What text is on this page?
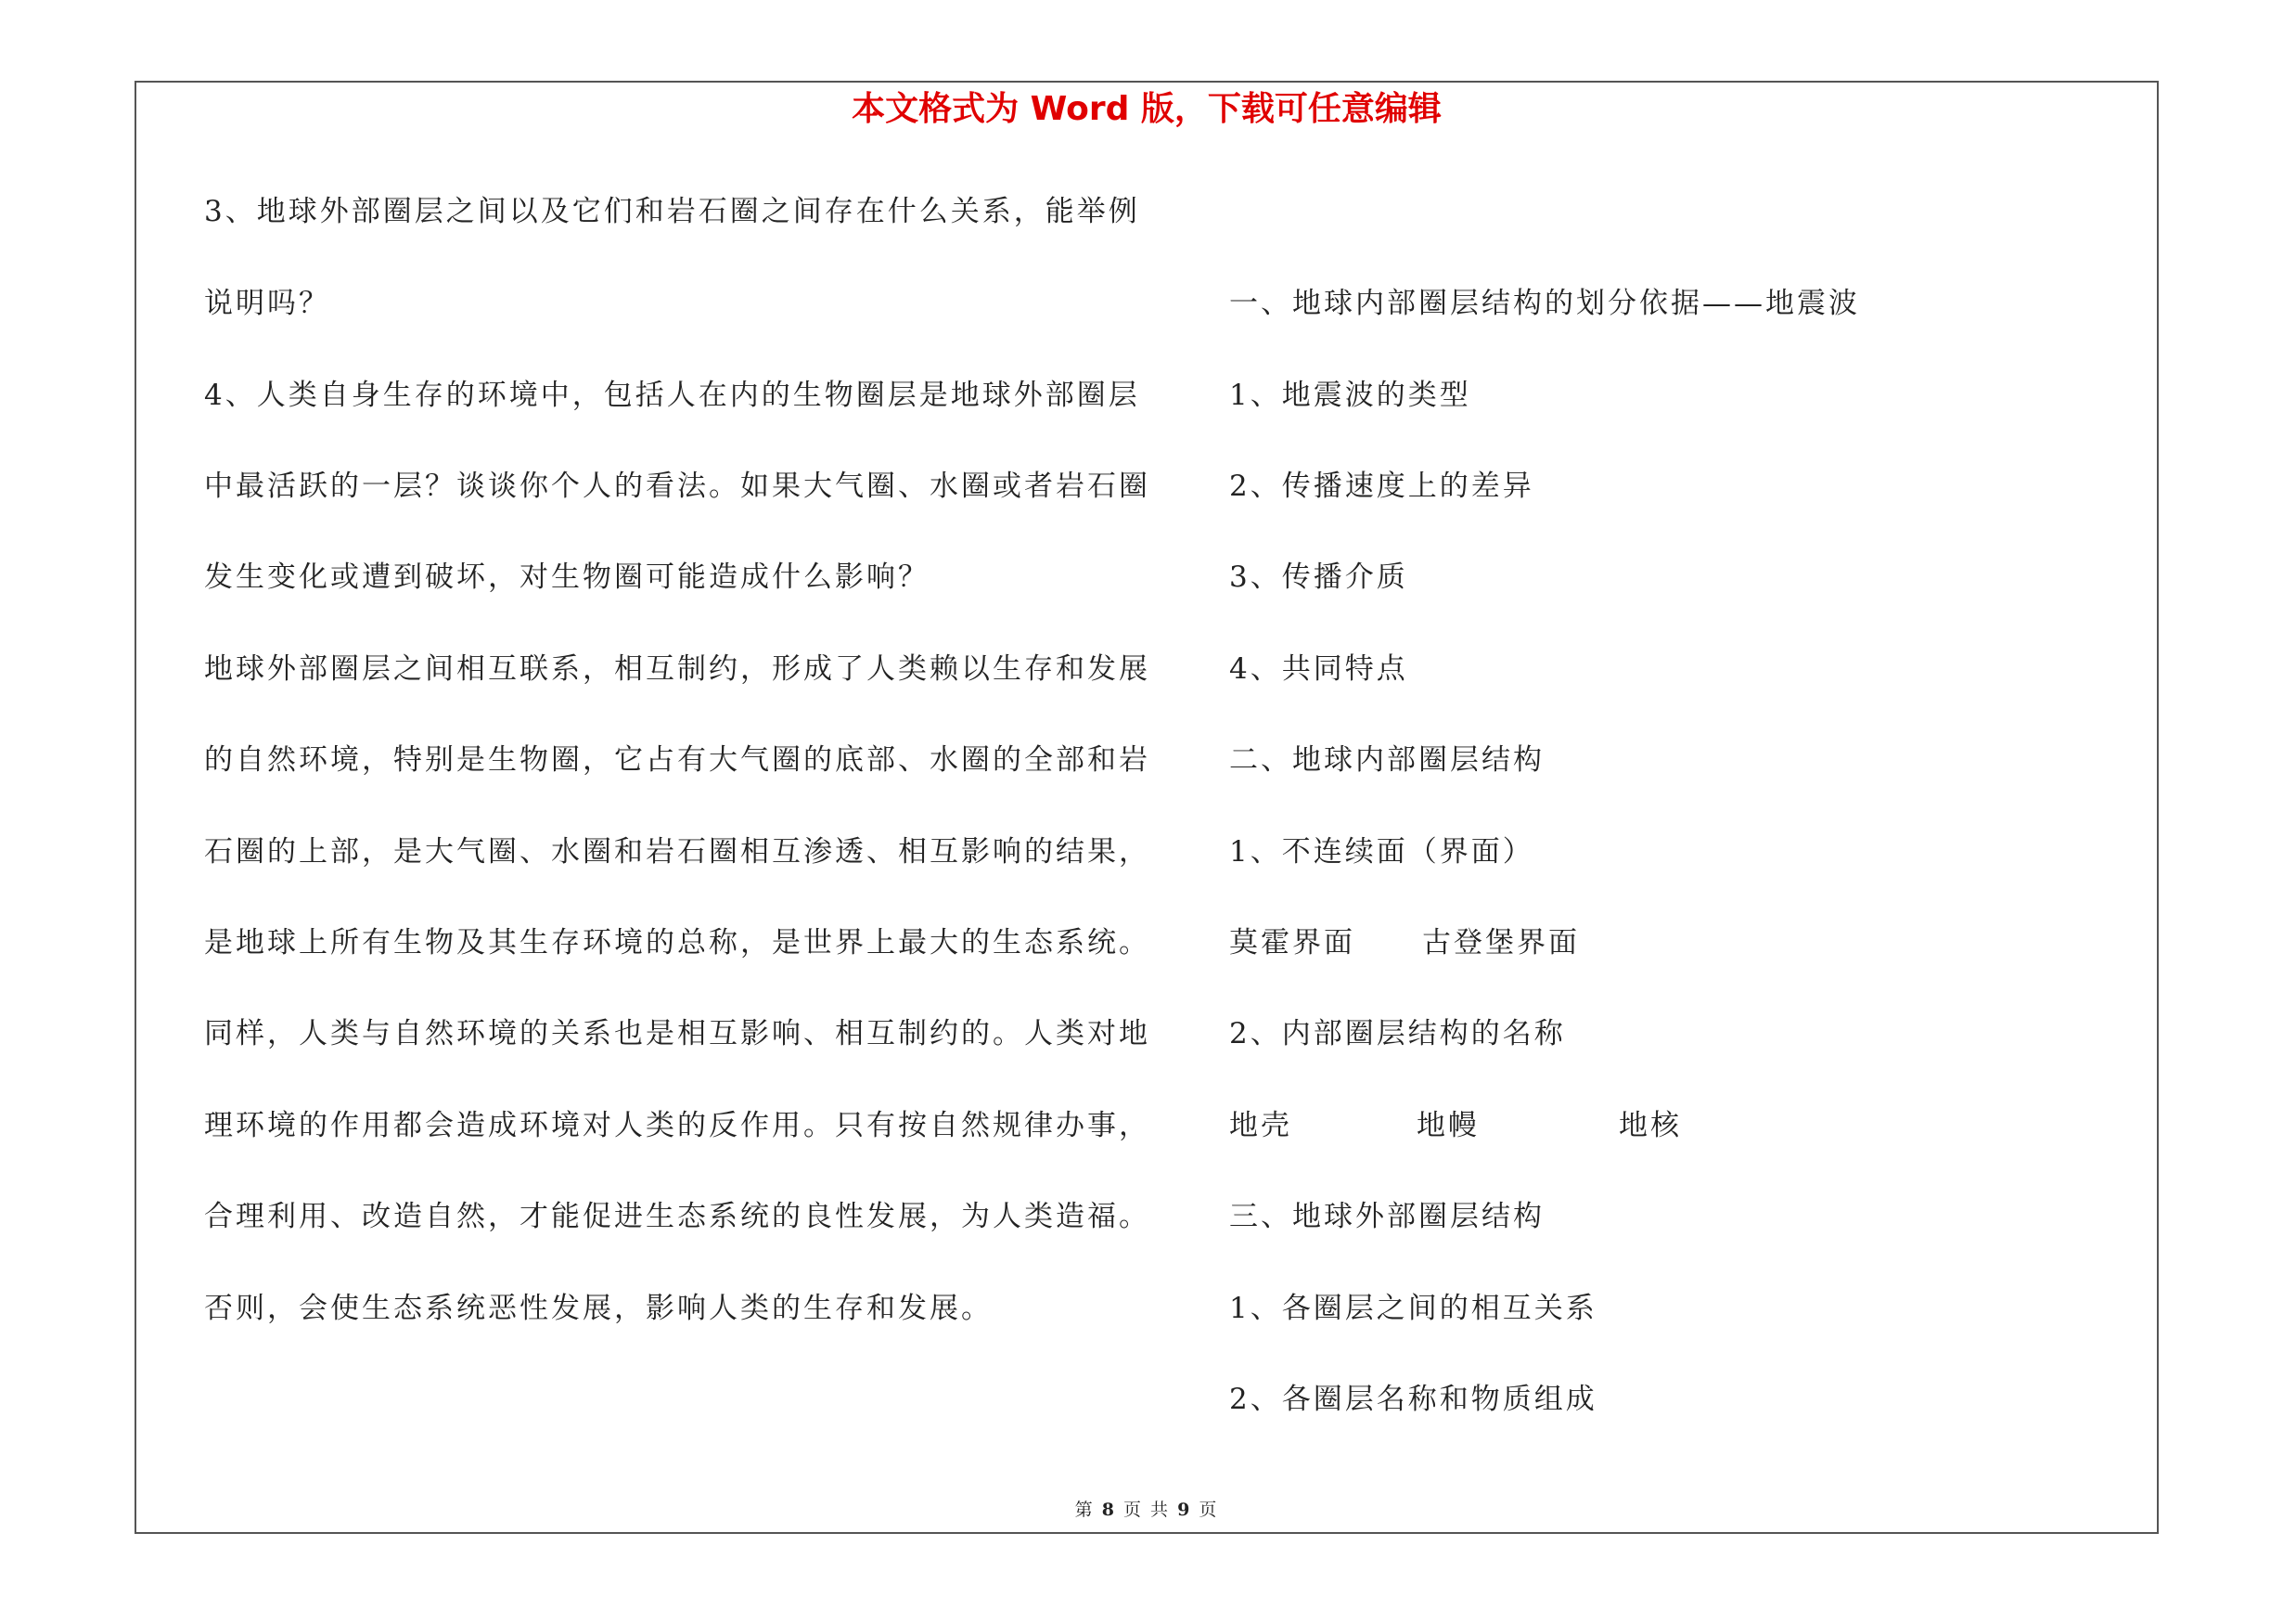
本文格式为 Word 版，下载可任意编辑
3、地球外部圈层之间以及它们和岩石圈之间存在什么关系，能举例
说明吗？
4、人类自身生存的环境中，包括人在内的生物圈层是地球外部圈层
中最活跃的一层？谈谈你个人的看法。如果大气圈、水圈或者岩石圈
发生变化或遭到破坏，对生物圈可能造成什么影响？
地球外部圈层之间相互联系，相互制约，形成了人类赖以生存和发展
的自然环境，特别是生物圈，它占有大气圈的底部、水圈的全部和岩
石圈的上部，是大气圈、水圈和岩石圈相互渗透、相互影响的结果，
是地球上所有生物及其生存环境的总称，是世界上最大的生态系统。
同样，人类与自然环境的关系也是相互影响、相互制约的。人类对地
理环境的作用都会造成环境对人类的反作用。只有按自然规律办事，
合理利用、改造自然，才能促进生态系统的良性发展，为人类造福。
否则，会使生态系统恶性发展，影响人类的生存和发展。
一、地球内部圈层结构的划分依据——地震波
1、地震波的类型
2、传播速度上的差异
3、传播介质
4、共同特点
二、地球内部圈层结构
1、不连续面（界面）
莫霍界面 古登堡界面
2、内部圈层结构的名称
地壳	地幔	地核
三、地球外部圈层结构
1、各圈层之间的相互关系
2、各圈层名称和物质组成
第 8 页 共 9 页
